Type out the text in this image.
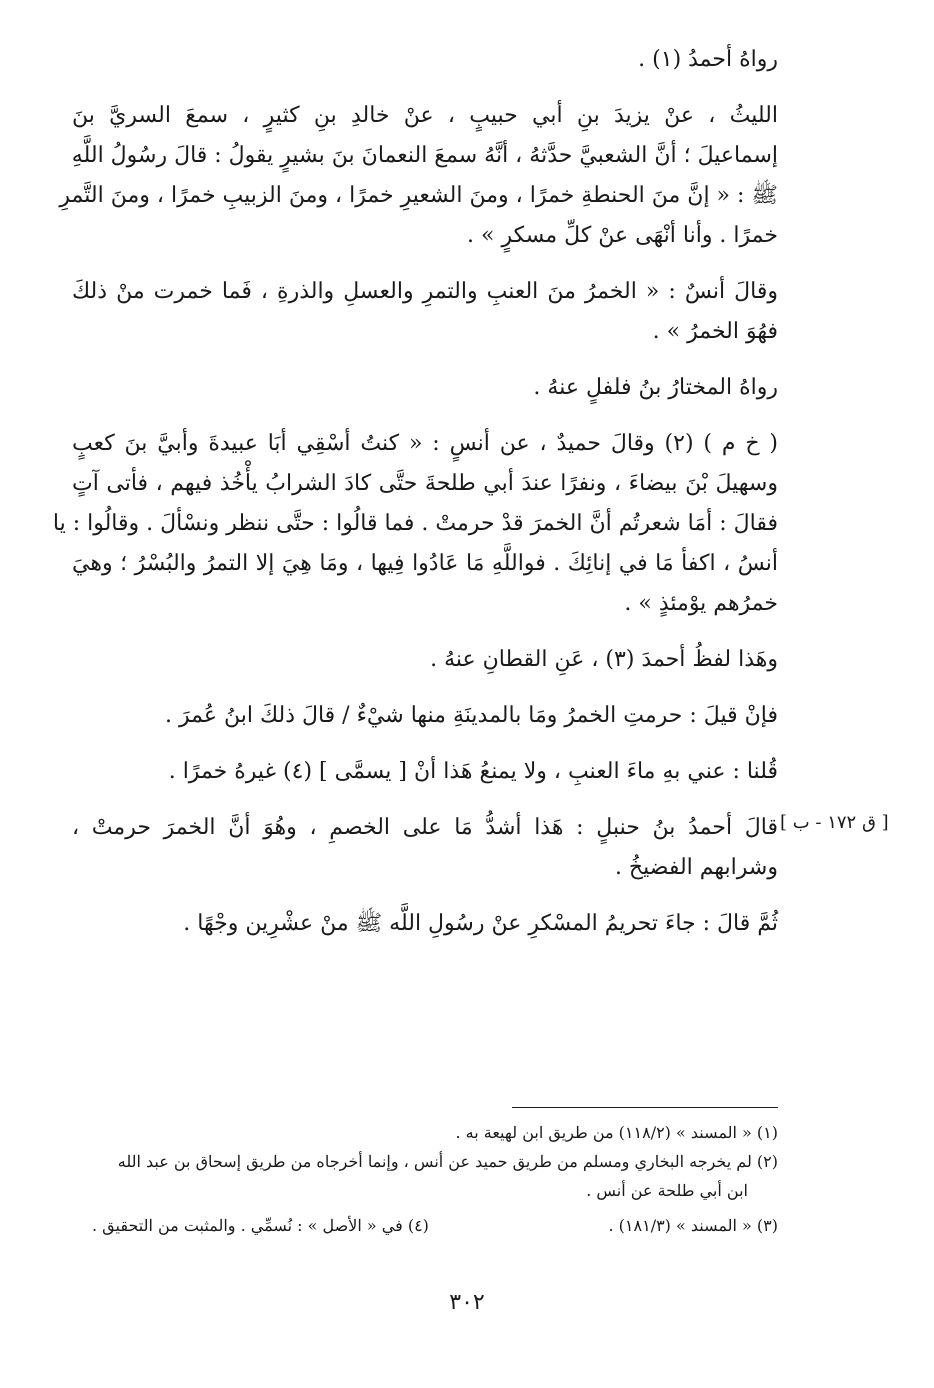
رواهُ أحمدُ (١) .
الليثُ ، عنْ يزيدَ بنِ أبي حبيبٍ ، عنْ خالدِ بنِ كثيرٍ ، سمعَ السريَّ بنَ
إسماعيلَ ؛ أنَّ الشعبيَّ حدَّثهُ ، أنَّهُ سمعَ النعمانَ بنَ بشيرٍ يقولُ : قالَ رسُولُ اللَّهِ
ﷺ : « إنَّ منَ الحنطةِ خمرًا ، ومنَ الشعيرِ خمرًا ، ومنَ الزبيبِ خمرًا ، ومنَ التَّمرِ
خمرًا . وأنا أنْهَى عنْ كلِّ مسكرٍ » .
وقالَ أنسٌ : « الخمرُ منَ العنبِ والتمرِ والعسلِ والذرةِ ، فَما خمرت منْ ذلكَ
فهُوَ الخمرُ » .
رواهُ المختارُ بنُ فلفلٍ عنهُ .
( خ م ) (٢) وقالَ حميدٌ ، عن أنسٍ : « كنتُ أسْقِي أبَا عبيدةَ وأبيَّ بنَ كعبٍ
وسهيلَ بْنَ بيضاءَ ، ونفرًا عندَ أبي طلحةَ حتَّى كادَ الشرابُ يأْخُذ فيهم ، فأتى آتٍ
فقالَ : أمَا شعرتُم أنَّ الخمرَ قدْ حرمتْ . فما قالُوا : حتَّى ننظر ونسْألَ . وقالُوا : يا
أنسُ ، اكفأ مَا في إنائِكَ . فواللَّهِ مَا عَادُوا فِيها ، ومَا هِيَ إلا التمرُ والبُسْرُ ؛ وهيَ
خمرُهم يوْمئذٍ » .
وهَذا لفظُ أحمدَ (٣) ، عَنِ القطانِ عنهُ .
فإنْ قيلَ : حرمتِ الخمرُ ومَا بالمدينَةِ منها شيْءٌ / قالَ ذلكَ ابنُ عُمرَ .
قُلنا : عني بهِ ماءَ العنبِ ، ولا يمنعُ هَذا أنْ [ يسمَّى ] (٤) غيرهُ خمرًا .
قالَ أحمدُ بنُ حنبلٍ : هَذا أشدُّ مَا على الخصمِ ، وهُوَ أنَّ الخمرَ حرمتْ ،
وشرابهم الفضيخُ .
ثُمَّ قالَ : جاءَ تحريمُ المسْكرِ عنْ رسُولِ اللَّه ﷺ منْ عشْرِين وجْهًا .
[ ق ١٧٢ - ب ]
(١) « المسند » (١١٨/٢) من طريق ابن لهيعة به .
(٢) لم يخرجه البخاري ومسلم من طريق حميد عن أنس ، وإنما أخرجاه من طريق إسحاق بن عبد الله
ابن أبي طلحة عن أنس .
(٣) « المسند » (١٨١/٣) .
(٤) في « الأصل » : نُسمِّي . والمثبت من التحقيق .
٣٠٢
